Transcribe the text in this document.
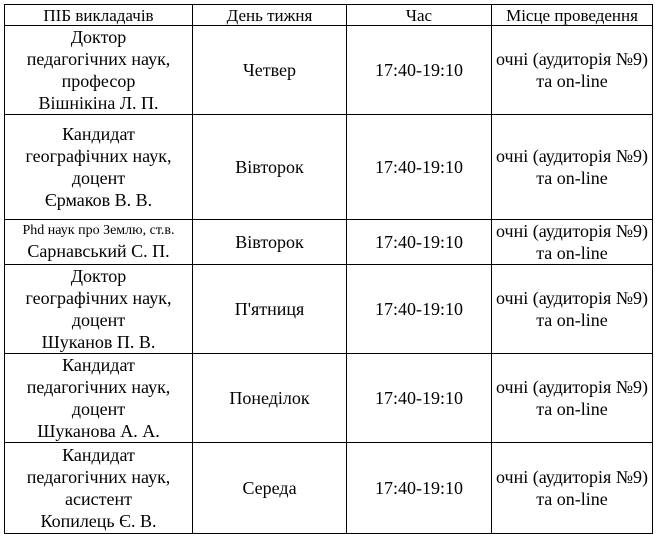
ПІБ викладачів	День тижня	Час	Місце проведення

Доктор
педагогічних наук,
професор
Вішнікіна Л. П.	Четвер	17:40-19:10	очні (аудиторія №9)
та on-line

Кандидат
географічних наук,
доцент
Єрмаков В. В.	Вівторок	17:40-19:10	очні (аудиторія №9)
та on-line

Phd наук про Землю, ст.в.
Сарнавський С. П.	Вівторок	17:40-19:10	очні (аудиторія №9)
та on-line

Доктор
географічних наук,
доцент
Шуканов П. В.	П'ятниця	17:40-19:10	очні (аудиторія №9)
та on-line

Кандидат
педагогічних наук,
доцент
Шуканова А. А.	Понеділок	17:40-19:10	очні (аудиторія №9)
та on-line

Кандидат
педагогічних наук,
асистент
Копилець Є. В.	Середа	17:40-19:10	очні (аудиторія №9)
та on-line
